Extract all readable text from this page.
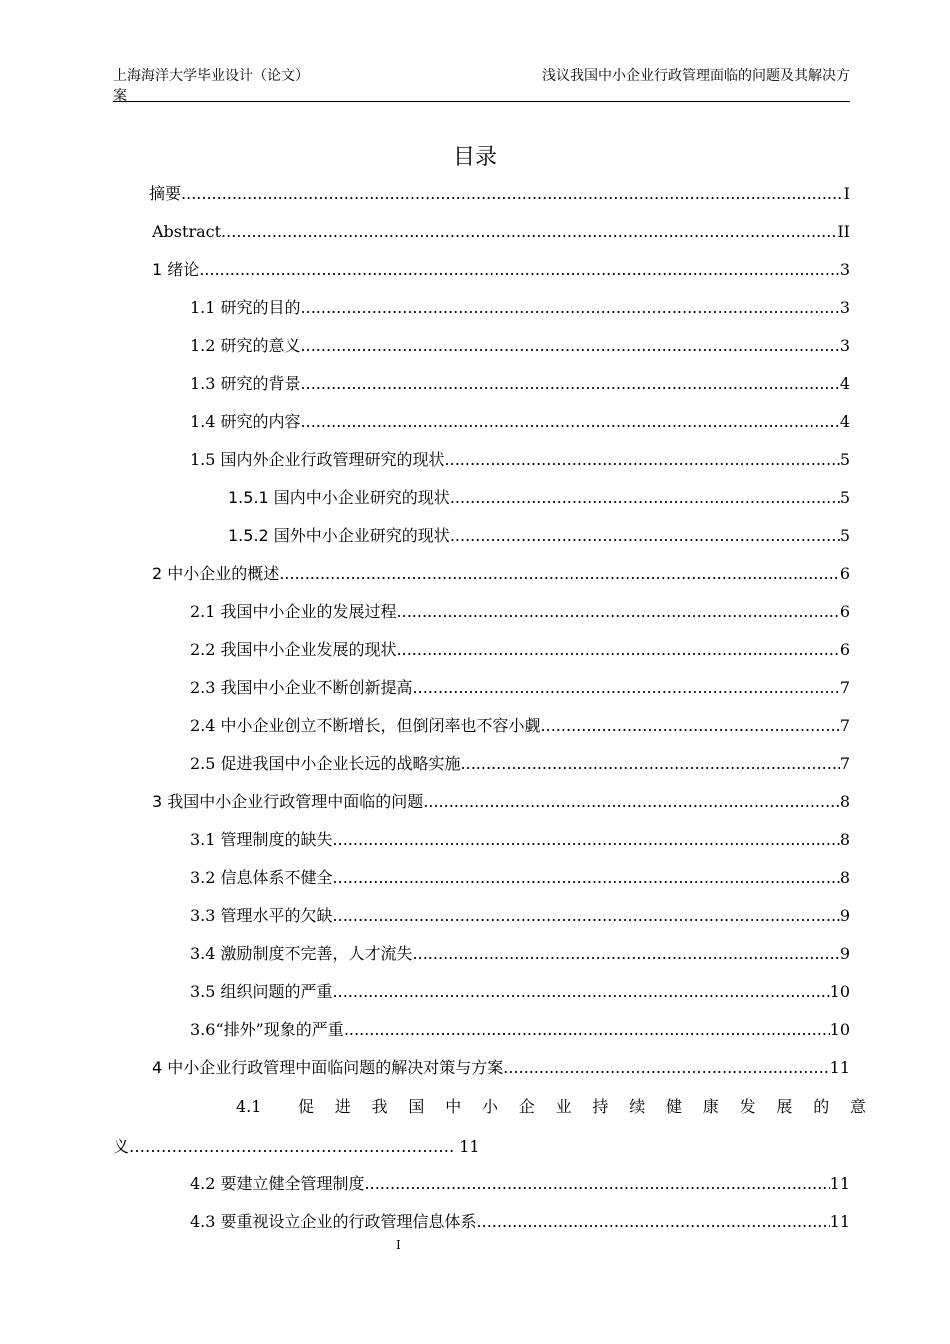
上海海洋大学毕业设计（论文）
案
浅议我国中小企业行政管理面临的问题及其解决方
目录
摘要 .....	I
Abstract .....	II
1 绪论 .....	3
1.1 研究的目的 .....	3
1.2 研究的意义 .....	3
1.3 研究的背景 .....	4
1.4 研究的内容 .....	4
1.5 国内外企业行政管理研究的现状 .....	5
1.5.1 国内中小企业研究的现状 .....	5
1.5.2 国外中小企业研究的现状 .....	5
2 中小企业的概述 .....	6
2.1 我国中小企业的发展过程 .....	6
2.2 我国中小企业发展的现状 .....	6
2.3 我国中小企业不断创新提高 .....	7
2.4 中小企业创立不断增长，但倒闭率也不容小觑 .....	7
2.5 促进我国中小企业长远的战略实施 .....	7
3 我国中小企业行政管理中面临的问题 .....	8
3.1 管理制度的缺失 .....	8
3.2 信息体系不健全 .....	8
3.3 管理水平的欠缺 .....	9
3.4 激励制度不完善，人才流失 .....	9
3.5 组织问题的严重 .....	10
3.6“排外”现象的严重 .....	10
4 中小企业行政管理中面临问题的解决对策与方案 .....	11
4.1 促 进 我 国 中 小 企 业 持 续 健 康 发 展 的 意
义……………………………………………………. 11
4.2 要建立健全管理制度 .....	11
4.3 要重视设立企业的行政管理信息体系 .....	11
I
